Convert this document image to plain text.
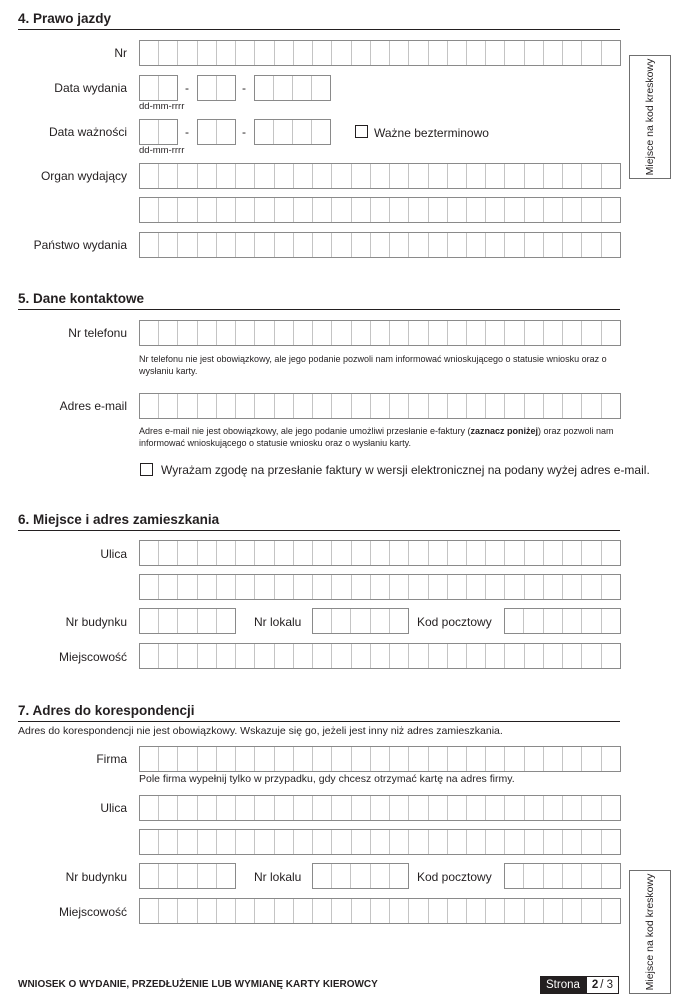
4. Prawo jazdy
Nr
Data wydania	-	-
dd-mm-rrrr
Data ważności	-	-	Ważne bezterminowo
dd-mm-rrrr
Organ wydający
Państwo wydania
Miejsce na kod kreskowy
5. Dane kontaktowe
Nr telefonu
Nr telefonu nie jest obowiązkowy, ale jego podanie pozwoli nam informować wnioskującego o statusie wniosku oraz o wysłaniu karty.
Adres e-mail
Adres e-mail nie jest obowiązkowy, ale jego podanie umożliwi przesłanie e-faktury (zaznacz poniżej) oraz pozwoli nam informować wnioskującego o statusie wniosku oraz o wysłaniu karty.
Wyrażam zgodę na przesłanie faktury w wersji elektronicznej na podany wyżej adres e-mail.
6. Miejsce i adres zamieszkania
Ulica
Nr budynku	Nr lokalu	Kod pocztowy
Miejscowość
7. Adres do korespondencji
Adres do korespondencji nie jest obowiązkowy. Wskazuje się go, jeżeli jest inny niż adres zamieszkania.
Firma
Pole firma wypełnij tylko w przypadku, gdy chcesz otrzymać kartę na adres firmy.
Ulica
Nr budynku	Nr lokalu	Kod pocztowy
Miejscowość	Miejsce na kod kreskowy
WNIOSEK O WYDANIE, PRZEDŁUŻENIE LUB WYMIANĘ KARTY KIEROWCY	Strona	2 / 3
